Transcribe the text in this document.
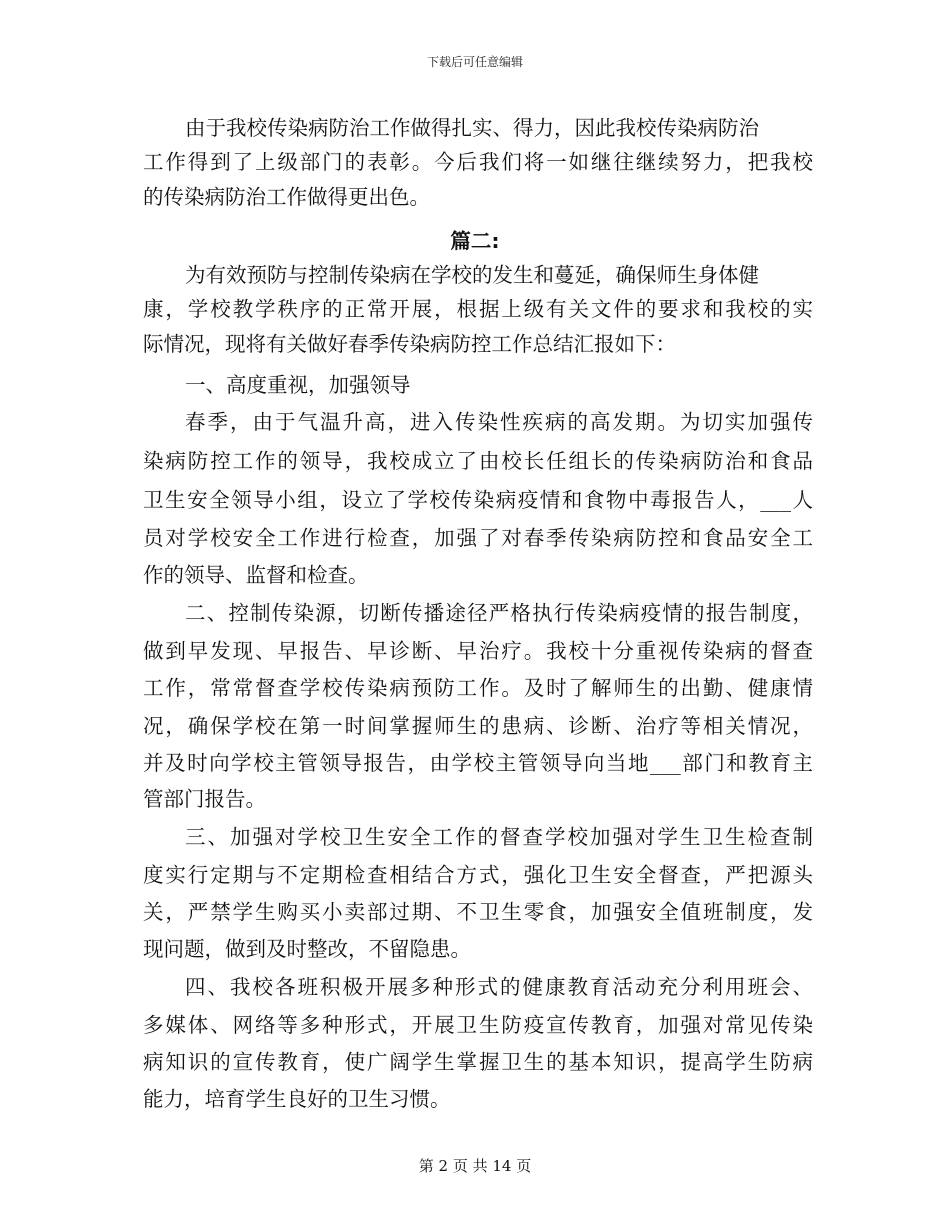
下载后可任意编辑
由于我校传染病防治工作做得扎实、得力，因此我校传染病防治
工作得到了上级部门的表彰。今后我们将一如继往继续努力，把我校
的传染病防治工作做得更出色。
篇二:
为有效预防与控制传染病在学校的发生和蔓延，确保师生身体健
康，学校教学秩序的正常开展，根据上级有关文件的要求和我校的实
际情况，现将有关做好春季传染病防控工作总结汇报如下：
一、高度重视，加强领导
春季，由于气温升高，进入传染性疾病的高发期。为切实加强传
染病防控工作的领导，我校成立了由校长任组长的传染病防治和食品
卫生安全领导小组，设立了学校传染病疫情和食物中毒报告人，___人
员对学校安全工作进行检查，加强了对春季传染病防控和食品安全工
作的领导、监督和检查。
二、控制传染源，切断传播途径严格执行传染病疫情的报告制度，
做到早发现、早报告、早诊断、早治疗。我校十分重视传染病的督查
工作，常常督查学校传染病预防工作。及时了解师生的出勤、健康情
况，确保学校在第一时间掌握师生的患病、诊断、治疗等相关情况，
并及时向学校主管领导报告，由学校主管领导向当地___部门和教育主
管部门报告。
三、加强对学校卫生安全工作的督查学校加强对学生卫生检查制
度实行定期与不定期检查相结合方式，强化卫生安全督查，严把源头
关，严禁学生购买小卖部过期、不卫生零食，加强安全值班制度，发
现问题，做到及时整改，不留隐患。
四、我校各班积极开展多种形式的健康教育活动充分利用班会、
多媒体、网络等多种形式，开展卫生防疫宣传教育，加强对常见传染
病知识的宣传教育，使广阔学生掌握卫生的基本知识，提高学生防病
能力，培育学生良好的卫生习惯。
第 2 页 共 14 页
